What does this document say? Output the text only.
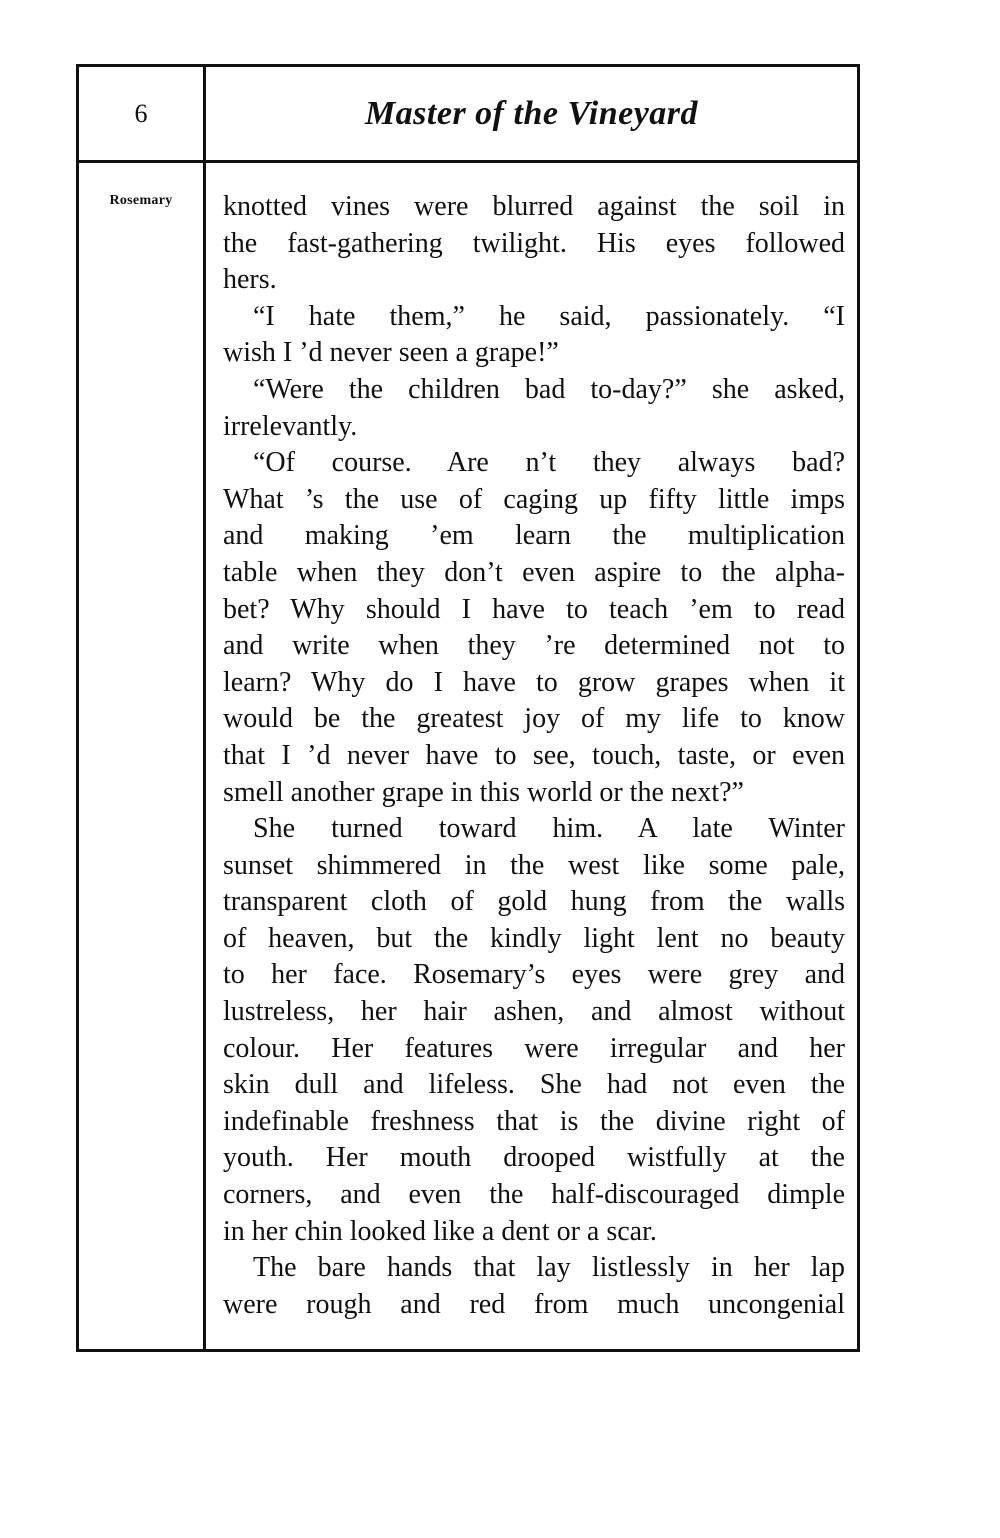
6	Master of the Vineyard
Rosemary	knotted vines were blurred against the soil in
the fast-gathering twilight. His eyes followed
hers.
“I hate them,” he said, passionately. “I
wish I ’d never seen a grape!”
“Were the children bad to-day?” she asked,
irrelevantly.
“Of course. Are n’t they always bad?
What ’s the use of caging up fifty little imps
and making ’em learn the multiplication
table when they don’t even aspire to the alpha-
bet? Why should I have to teach ’em to read
and write when they ’re determined not to
learn? Why do I have to grow grapes when it
would be the greatest joy of my life to know
that I ’d never have to see, touch, taste, or even
smell another grape in this world or the next?”
She turned toward him. A late Winter
sunset shimmered in the west like some pale,
transparent cloth of gold hung from the walls
of heaven, but the kindly light lent no beauty
to her face. Rosemary’s eyes were grey and
lustreless, her hair ashen, and almost without
colour. Her features were irregular and her
skin dull and lifeless. She had not even the
indefinable freshness that is the divine right of
youth. Her mouth drooped wistfully at the
corners, and even the half-discouraged dimple
in her chin looked like a dent or a scar.
The bare hands that lay listlessly in her lap
were rough and red from much uncongenial
